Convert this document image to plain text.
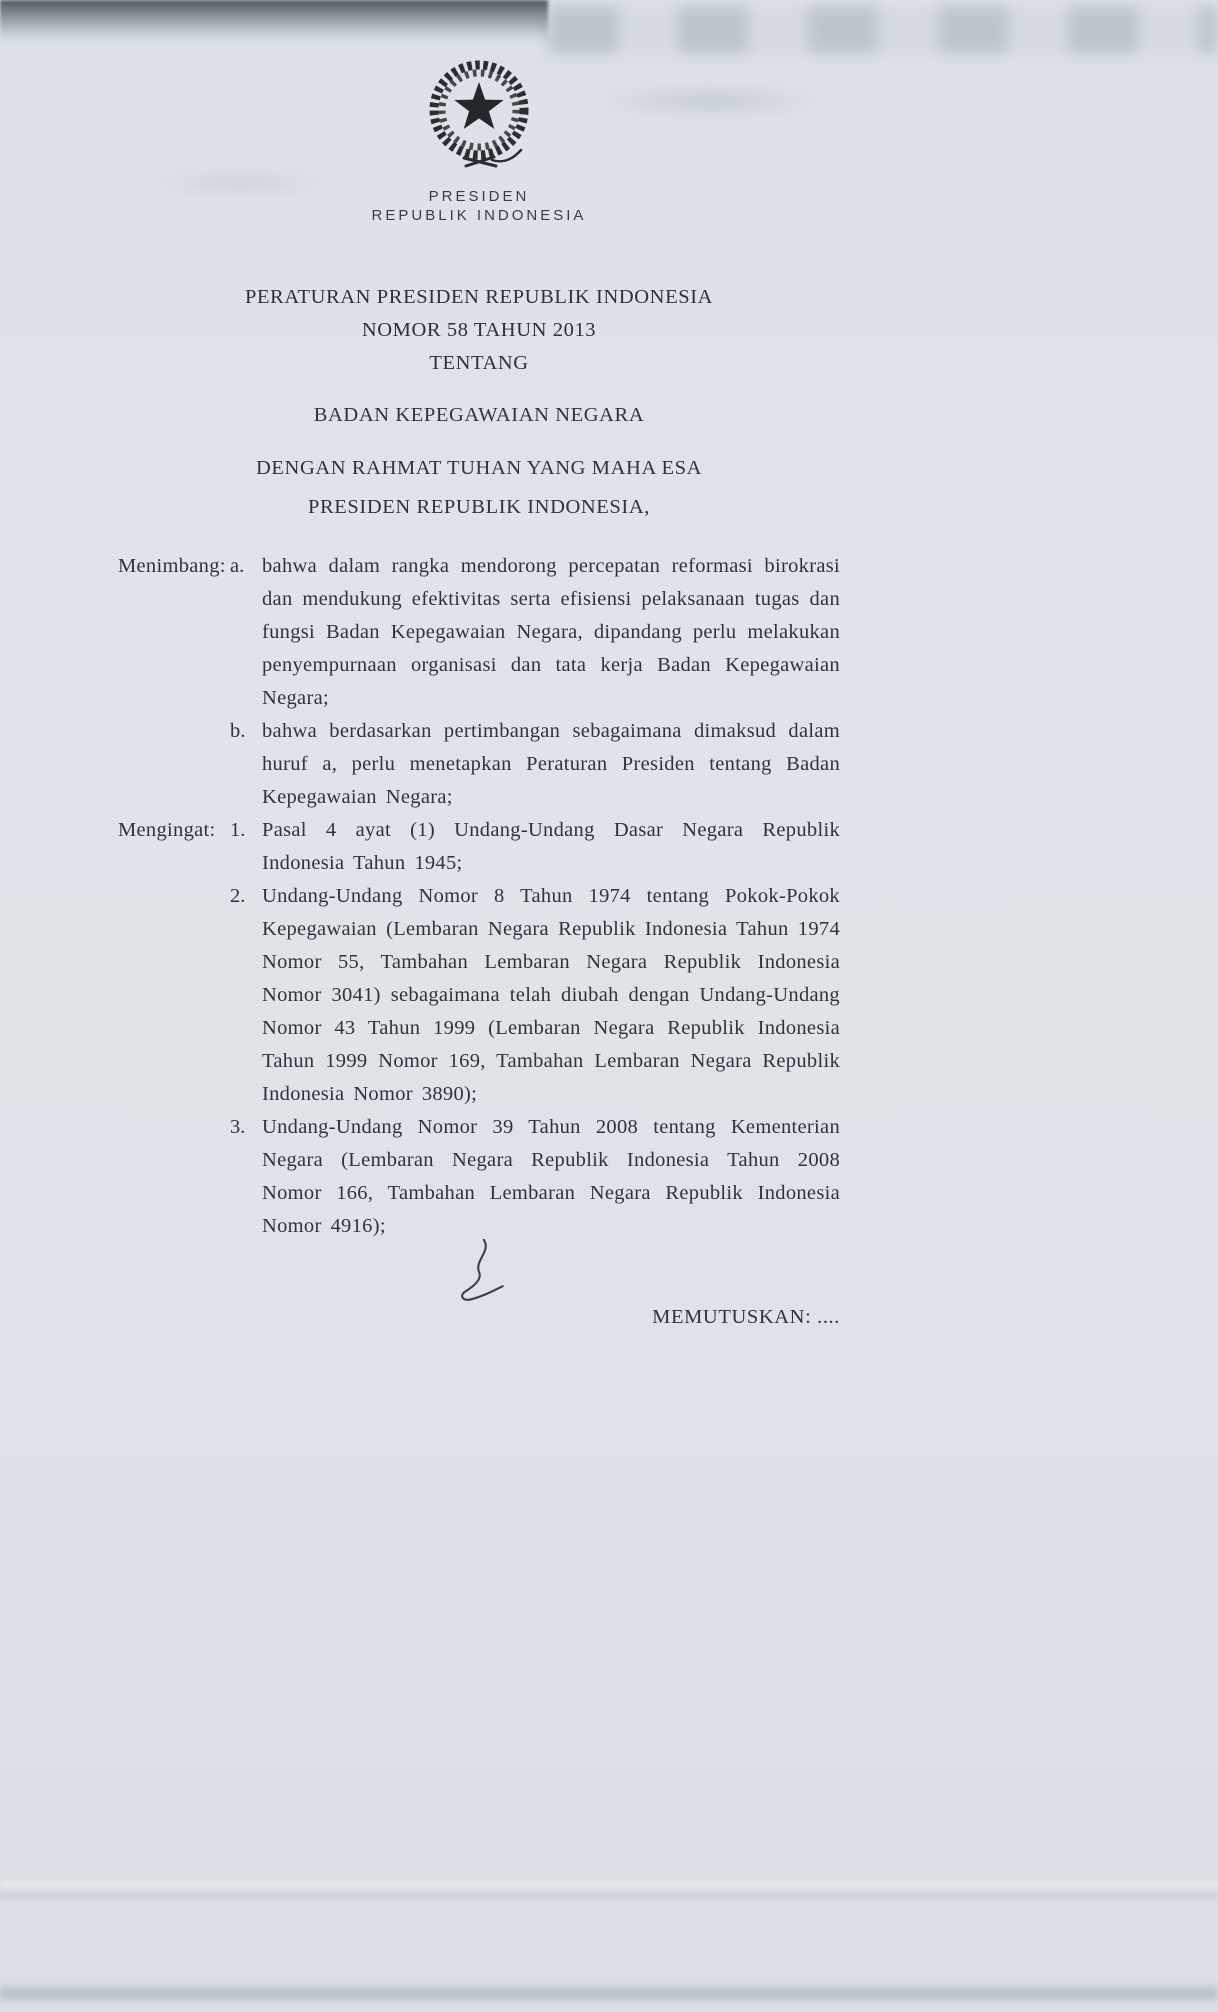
PRESIDEN
REPUBLIK INDONESIA
PERATURAN PRESIDEN REPUBLIK INDONESIA
NOMOR 58 TAHUN 2013
TENTANG
BADAN KEPEGAWAIAN NEGARA
DENGAN RAHMAT TUHAN YANG MAHA ESA
PRESIDEN REPUBLIK INDONESIA,
Menimbang: a. bahwa dalam rangka mendorong percepatan reformasi birokrasi dan mendukung efektivitas serta efisiensi pelaksanaan tugas dan fungsi Badan Kepegawaian Negara, dipandang perlu melakukan penyempurnaan organisasi dan tata kerja Badan Kepegawaian Negara;
b. bahwa berdasarkan pertimbangan sebagaimana dimaksud dalam huruf a, perlu menetapkan Peraturan Presiden tentang Badan Kepegawaian Negara;
Mengingat: 1. Pasal 4 ayat (1) Undang-Undang Dasar Negara Republik Indonesia Tahun 1945;
2. Undang-Undang Nomor 8 Tahun 1974 tentang Pokok-Pokok Kepegawaian (Lembaran Negara Republik Indonesia Tahun 1974 Nomor 55, Tambahan Lembaran Negara Republik Indonesia Nomor 3041) sebagaimana telah diubah dengan Undang-Undang Nomor 43 Tahun 1999 (Lembaran Negara Republik Indonesia Tahun 1999 Nomor 169, Tambahan Lembaran Negara Republik Indonesia Nomor 3890);
3. Undang-Undang Nomor 39 Tahun 2008 tentang Kementerian Negara (Lembaran Negara Republik Indonesia Tahun 2008 Nomor 166, Tambahan Lembaran Negara Republik Indonesia Nomor 4916);
MEMUTUSKAN: ....
